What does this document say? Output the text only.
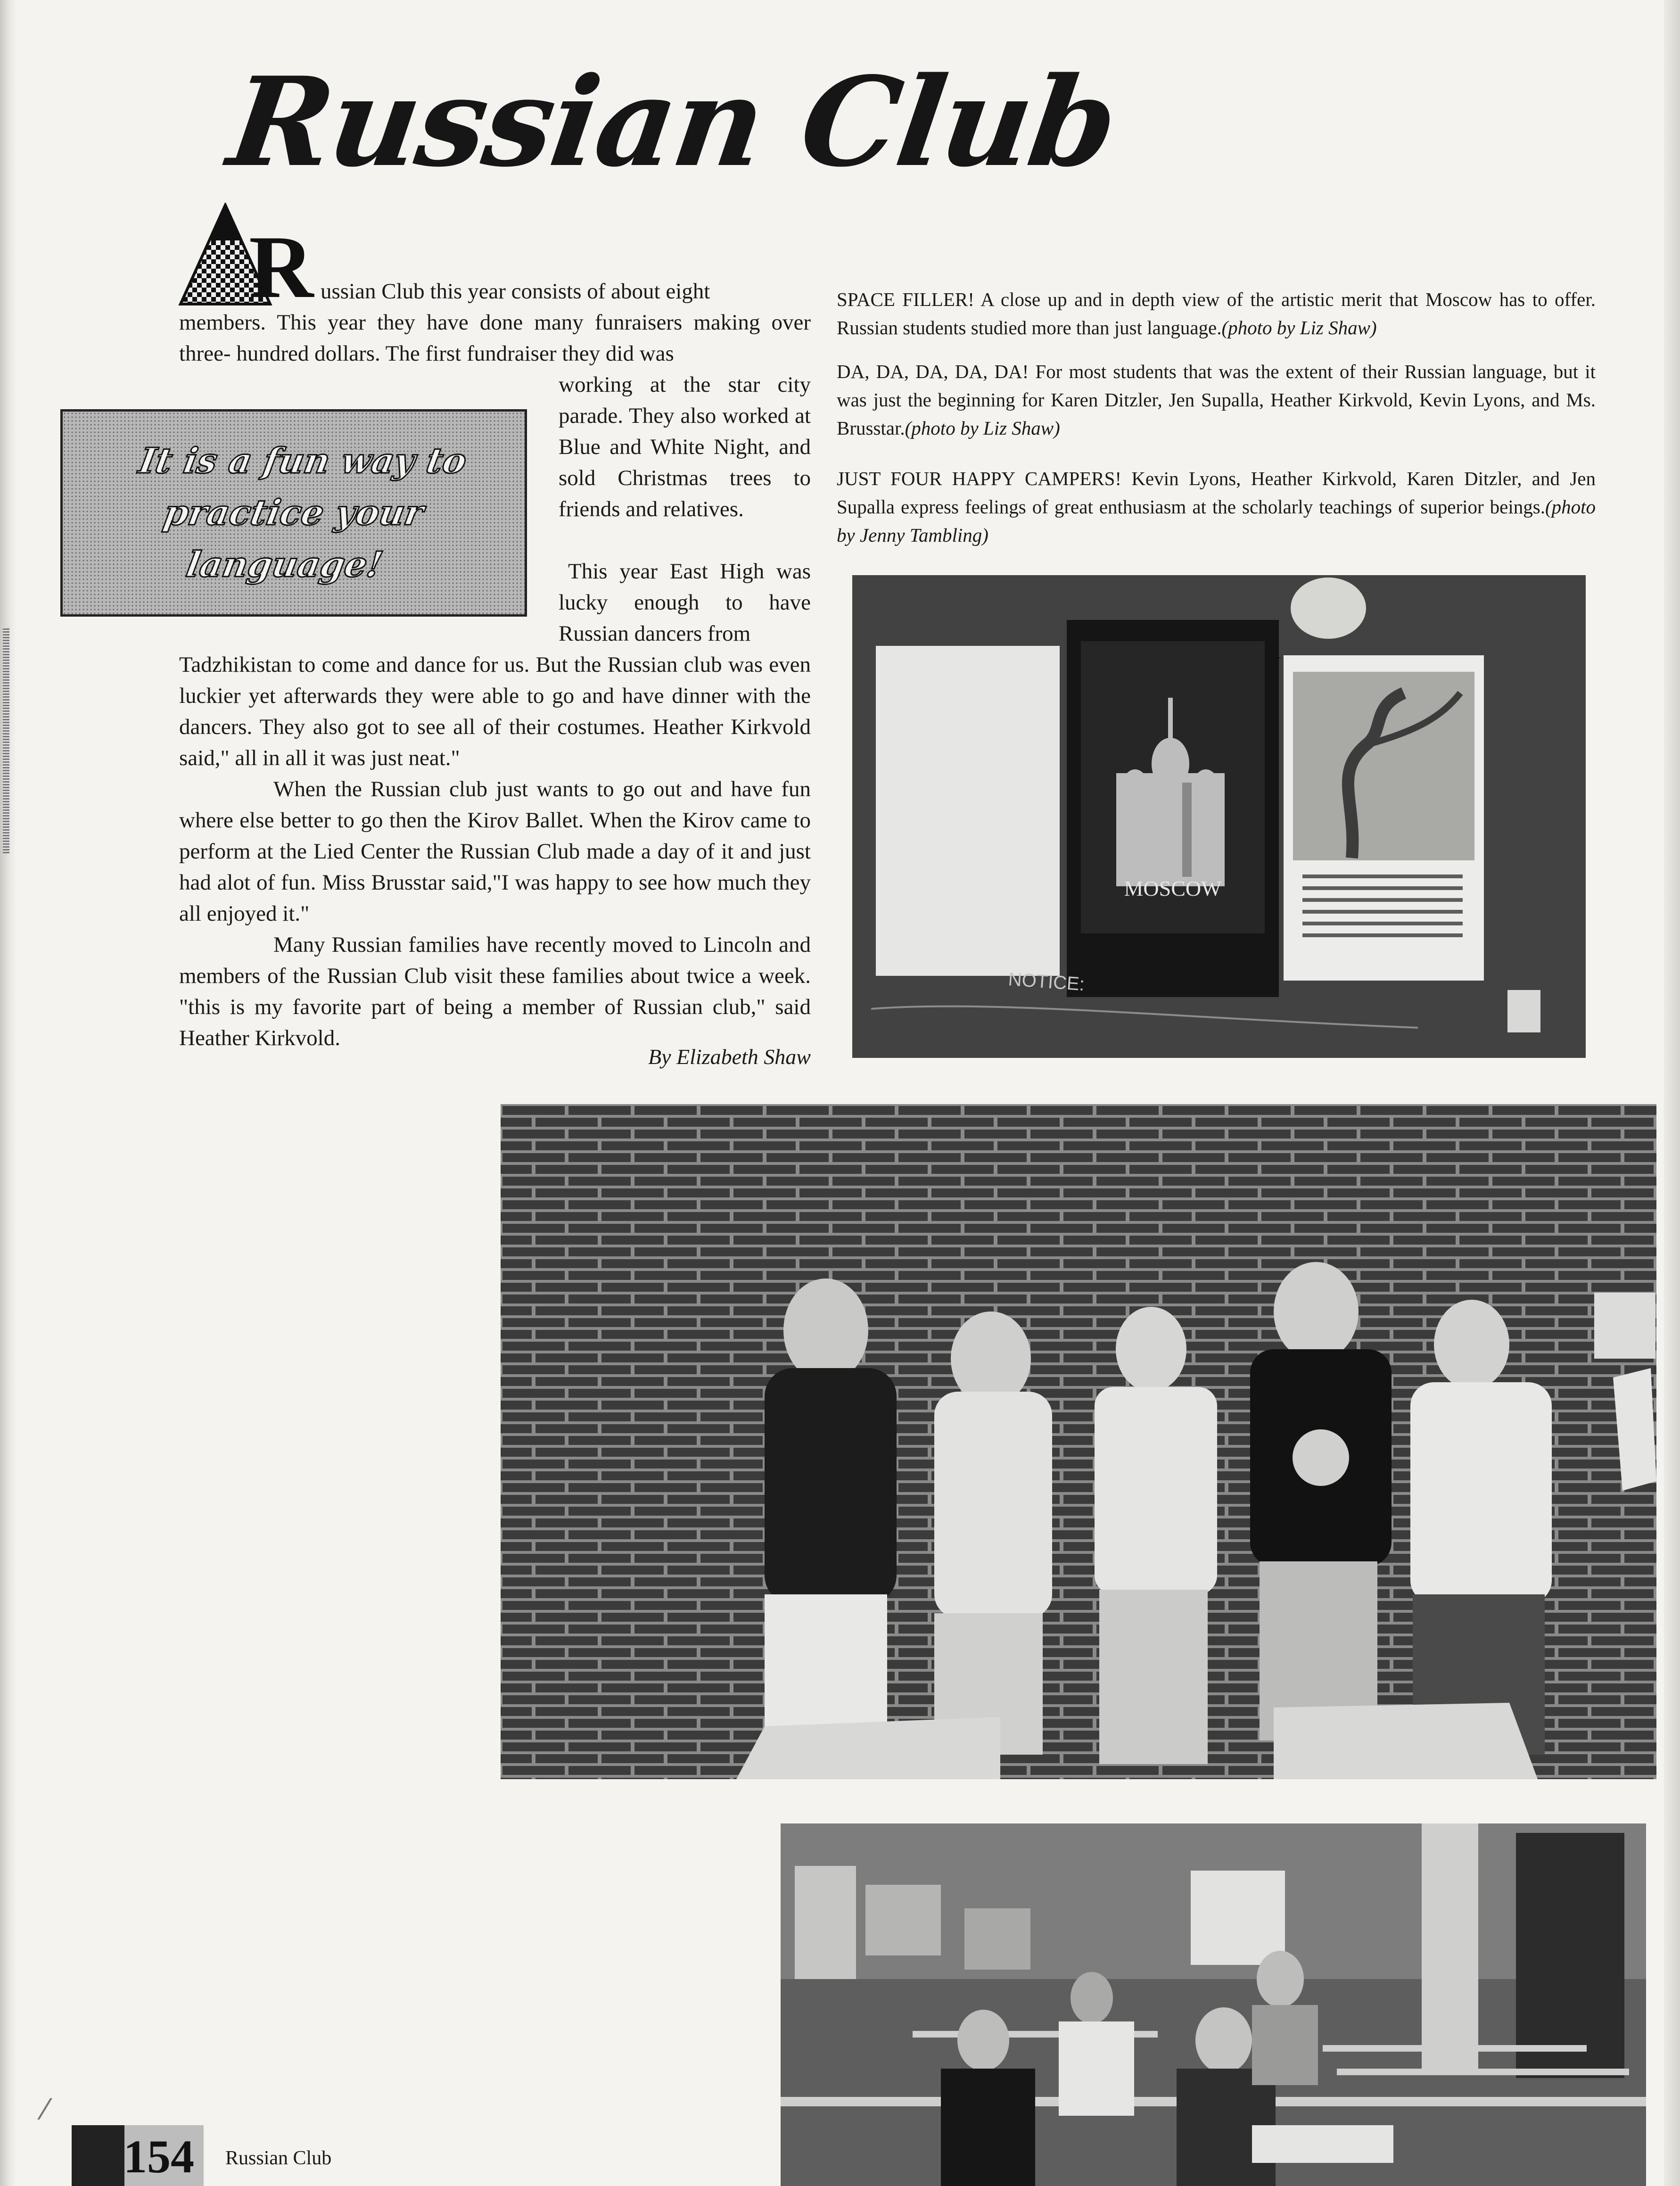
Russian Club
R ussian Club this year consists of about eight

members. This year they have done many funraisers making over three- hundred dollars. The first fundraiser they did was

working at the star city parade. They also worked at Blue and White Night, and sold Christmas trees to friends and relatives.

This year East High was lucky enough to have Russian dancers from

Tadzhikistan to come and dance for us. But the Russian club was even luckier yet afterwards they were able to go and have dinner with the dancers. They also got to see all of their costumes. Heather Kirkvold said," all in all it was just neat."

When the Russian club just wants to go out and have fun where else better to go then the Kirov Ballet. When the Kirov came to perform at the Lied Center the Russian Club made a day of it and just had alot of fun. Miss Brusstar said,"I was happy to see how much they all enjoyed it."

Many Russian families have recently moved to Lincoln and members of the Russian Club visit these families about twice a week. "this is my favorite part of being a member of Russian club," said Heather Kirkvold.

By Elizabeth Shaw
It is a fun way to practice your language!

SPACE FILLER! A close up and in depth view of the artistic merit that Moscow has to offer. Russian students studied more than just language.(photo by Liz Shaw)

DA, DA, DA, DA, DA! For most students that was the extent of their Russian language, but it was just the beginning for Karen Ditzler, Jen Supalla, Heather Kirkvold, Kevin Lyons, and Ms. Brusstar.(photo by Liz Shaw)

JUST FOUR HAPPY CAMPERS! Kevin Lyons, Heather Kirkvold, Karen Ditzler, and Jen Supalla express feelings of great enthusiasm at the scholarly teachings of superior beings.(photo by Jenny Tambling)

MOSCOW
NOTICE:
⁄
154	Russian Club
